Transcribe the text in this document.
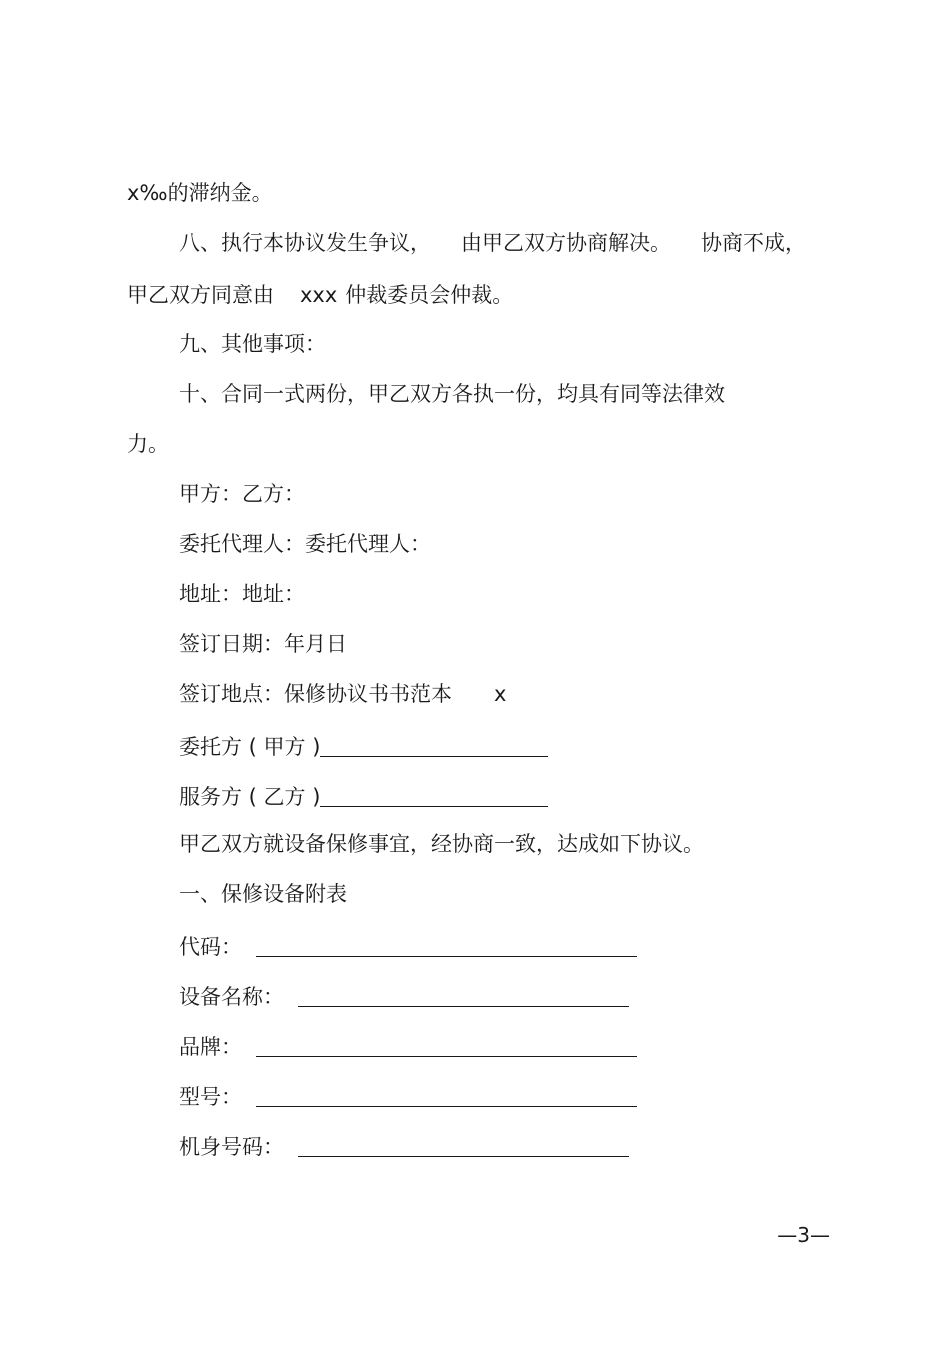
x‰的滞纳金。
八、执行本协议发生争议， 由甲乙双方协商解决。 协商不成，
甲乙双方同意由 xxx 仲裁委员会仲裁。
九、其他事项：
十、合同一式两份，甲乙双方各执一份，均具有同等法律效
力。
甲方：乙方：
委托代理人：委托代理人：
地址：地址：
签订日期：年月日
签订地点：保修协议书书范本 x
委托方 ( 甲方 )
服务方 ( 乙方 )
甲乙双方就设备保修事宜，经协商一致，达成如下协议。
一、保修设备附表
代码：
设备名称：
品牌：
型号：
机身号码：
—3—
